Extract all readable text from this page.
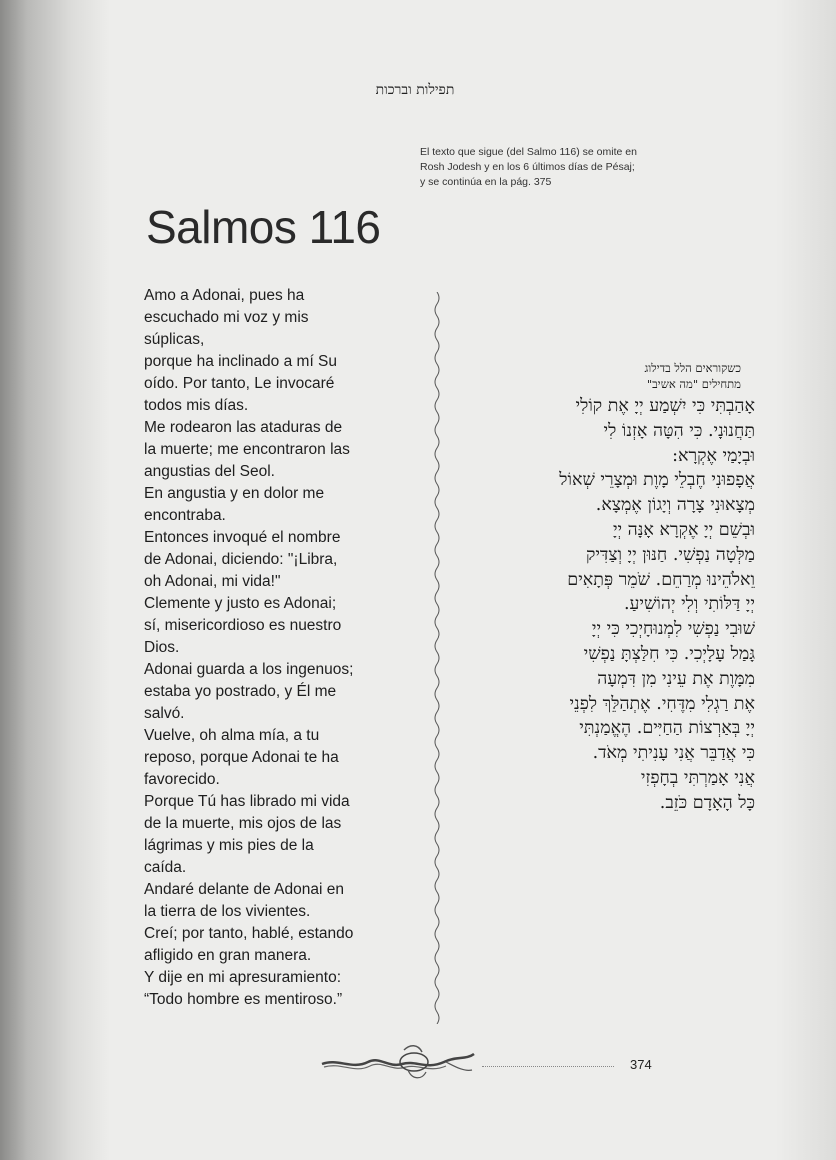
תפילות וברכות
El texto que sigue (del Salmo 116) se omite en
Rosh Jodesh y en los 6 últimos días de Pésaj;
y se continúa en la pág. 375
Salmos 116
Amo a Adonai, pues ha
escuchado mi voz y mis
súplicas,
porque ha inclinado a mí Su
oído. Por tanto, Le invocaré
todos mis días.
Me rodearon las ataduras de
la muerte; me encontraron las
angustias del Seol.
En angustia y en dolor me
encontraba.
Entonces invoqué el nombre
de Adonai, diciendo: "¡Libra,
oh Adonai, mi vida!"
Clemente y justo es Adonai;
sí, misericordioso es nuestro
Dios.
Adonai guarda a los ingenuos;
estaba yo postrado, y Él me
salvó.
Vuelve, oh alma mía, a tu
reposo, porque Adonai te ha
favorecido.
Porque Tú has librado mi vida
de la muerte, mis ojos de las
lágrimas y mis pies de la
caída.
Andaré delante de Adonai en
la tierra de los vivientes.
Creí; por tanto, hablé, estando
afligido en gran manera.
Y dije en mi apresuramiento:
“Todo hombre es mentiroso.”
כשקוראים הלל בדילוג
מתחילים "מה אשיב"
אָהַבְתִּי כִּי יִשְׁמַע יְיָ אֶת קוֹלִי
תַּחֲנוּנָי. כִּי הִטָּה אָזְנוֹ לִי
וּבְיָמַי אֶקְרָא:
אֲפָפוּנִי חֶבְלֵי מָוֶת וּמְצָרֵי שְׁאוֹל
מְצָאוּנִי צָרָה וְיָגוֹן אֶמְצָא.
וּבְשֵׁם יְיָ אֶקְרָא אָנָּה יְיָ
מַלְּטָה נַפְשִׁי. חַנּוּן יְיָ וְצַדִּיק
וֵאלֹהֵינוּ מְרַחֵם. שֹׁמֵר פְּתָאִים
יְיָ דַּלּוֹתִי וְלִי יְהוֹשִׁיעַ.
שׁוּבִי נַפְשִׁי לִמְנוּחָיְכִי כִּי יְיָ
גָּמַל עָלָיְכִי. כִּי חִלַּצְתָּ נַפְשִׁי
מִמָּוֶת אֶת עֵינִי מִן דִּמְעָה
אֶת רַגְלִי מִדֶּחִי. אֶתְהַלֵּךְ לִפְנֵי
יְיָ בְּאַרְצוֹת הַחַיִּים. הֶאֱמַנְתִּי
כִּי אֲדַבֵּר אֲנִי עָנִיתִי מְאֹד.
אֲנִי אָמַרְתִּי בְחָפְזִי
כָּל הָאָדָם כֹּזֵב.
374
